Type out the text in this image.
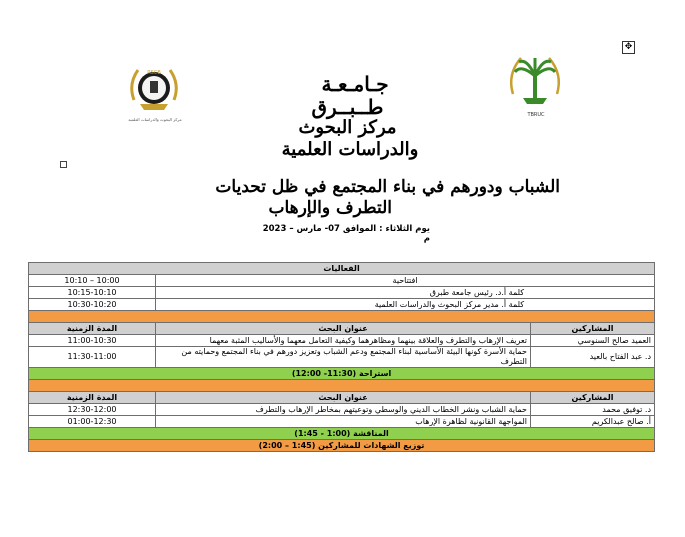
✥
RSCB
مركز البحوث والدراسات العلمية
TBRUC
جـامـعـة
طــبــرق
مركز البحوث
والدراسات العلمية
الشباب ودورهم في بناء المجتمع في ظل تحديات
التطرف والإرهاب
يوم الثلاثاء : الموافق 07- مارس – 2023 م
الفعاليات		
10:10 – 10:00	افتتاحية	
10:15-10:10	كلمة أ.د. رئيس جامعة طبرق	
10:30-10:20	كلمة أ. مدير مركز البحوث والدراسات العلمية	

المدة الزمنية	عنوان البحث	المشاركين
11:00-10:30	تعريف الإرهاب والتطرف والعلاقة بينهما ومظاهرهما وكيفية التعامل معهما والأساليب المثبة معهما	العميد صالح السنوسي
11:30-11:00	حماية الأسرة كونها البيئة الأساسية لبناء المجتمع ودعم الشباب وتعزيز دورهم في بناء المجتمع وحمايته من التطرف	د. عبد الفتاح بالعيد
استراحة (11:30- 12:00)		

المدة الزمنية	عنوان البحث	المشاركين
12:30-12:00	حماية الشباب ونشر الخطاب الديني والوسطي وتوعيتهم بمخاطر الإرهاب والتطرف	د. توفيق محمد
01:00-12:30	المواجهة القانونية لظاهرة الإرهاب	أ. صالح عبدالكريم
المناقشة (1:00 - 1:45)		
توزيع الشهادات للمشاركين (1:45 – 2:00)		
